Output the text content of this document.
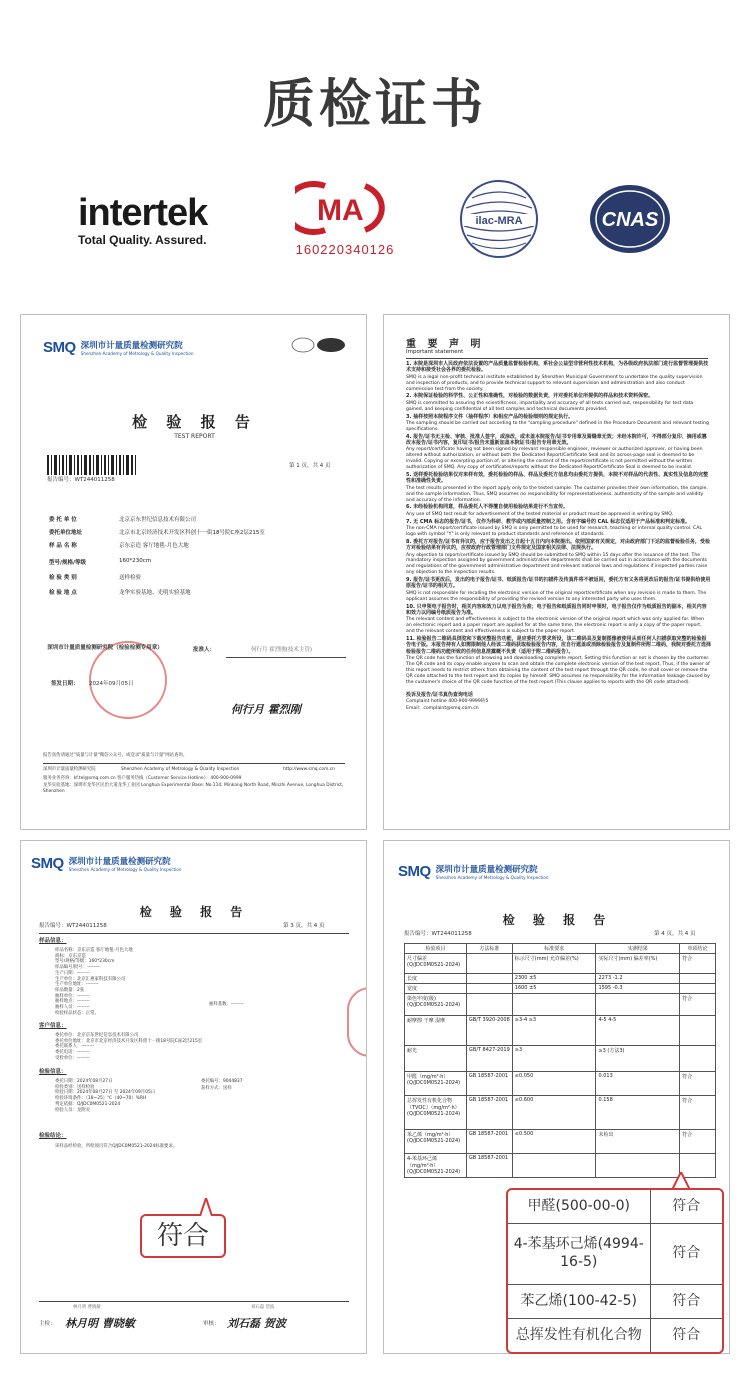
质检证书
intertek
Total Quality. Assured.
MA
160220340126
ilac-MRA	CNAS
SMQ 深圳市计量质量检测研究院
Shenzhen Academy of Metrology & Quality Inspection
检 验 报 告
TEST REPORT
报告编号：WT244011258
第 1 页，共 4 页
委 托 单 位	北京京东世纪信息技术有限公司
委托单位地址	北京市北京经济技术开发区科创十一街18号院C座2层215室
样 品 名 称	京东京造 客厅地毯-月色大地
型号/规格/等级	160*230cm
检 验 类 别	送样检验
检 验 地 点	龙华实验基地、光明实验基地
深圳市计量质量检测研究院（检验检测专用章）	批准人：	何行月 霍烈刚(技术主管)
签发日期： 2024年09月05日
何行月 霍烈刚
报告真伪请通过"质量与计量"微信公众号、或登录"质量与计量"网站查询。
深圳市计量质量检测研究院	Shenzhen Academy of Metrology & Quality Inspection	http://www.smq.com.cn
服务业务咨询：kf.tel@smq.com.cn 客户服务热线（Customer Service Hotline）：400-900-0999
龙华实验基地：深圳市龙华区民治大道龙华工业园 Longhua Experimental Base: No.114, Minkang North Road, Minzhi Avenue, Longhua District, Shenzhen
重 要 声 明
Important statement

1. 本院是深圳市人民政府依法设置的产品质量监督检验机构，系社会公益型非营利性技术机构，为各级政府执法部门进行监督管理提供技术支持和接受社会各界的委托检验。

SMQ is a legal non-profit technical institute established by Shenzhen Municipal Government to undertake the quality supervision and inspection of products, and to provide technical support to relevant supervision and administration and also conduct commission test from the society.

2. 本院保证检验的科学性、公正性和准确性，对检验的数据负责，并对委托单位所提供的样品和技术资料保密。

SMQ is committed to assuring the scientificness, impartiality and accuracy of all tests carried out, responsibility for test data gained, and keeping confidential of all test samples and technical documents provided.

3. 抽样按照本院程序文件（抽样程序）和相应产品的检验细则的规定执行。

The sampling should be carried out according to the "sampling procedure" defined in the Procedure Document and relevant testing specifications.

4. 报告/证书无主检、审核、批准人签字，或涂改，或未盖本院报告/证书专用章及骑缝章无效；未经本院许可，不得部分复印、摘用或篡改本报告/证书内容，复印证书/报告未重新加盖本院证书/报告专用章无效。

Any report/certificate having not been signed by relevant responsible engineer, reviewer or authorized approver, or having been altered without authorization, or without both the Dedicated Report/Certificate Seal and its across-page seal is deemed to be invalid. Copying or excerpting portion of, or altering the content of the report/certificate is not permitted without the written authorization of SMQ. Any copy of certificates/reports without the Dedicated Report/Certificate Seal is deemed to be invalid.

5. 送样委托检验结果仅对来样有效，委托检验的样品、样品及委托方信息均由委托方提供，本院不对样品的代表性、真实性及信息的完整性和准确性负责。

The test results presented in the report apply only to the tested sample. The customer provides their own information, the sample, and the sample information. Thus, SMQ assumes no responsibility for representativeness, authenticity of the sample and validity and accuracy of the information.

6. 未经检验机构同意，样品委托人不得擅自使用检验结果进行不当宣传。

Any use of SMQ test result for advertisement of the tested material or product must be approved in writing by SMQ.

7. 无 CMA 标志的报告/证书，仅作为科研、教学或内部质量控制之用。含有字编号的 CAL 标志仅适用于产品标准和判定标准。

The non-CMA report/certificate issued by SMQ is only permitted to be used for research, teaching or internal quality control. CAL logo with symbol "Y" is only relevant to product standards and reference of standards.

8. 委托方对报告/证书有异议的，应于报告发出之日起十五日内向本院提出。依照国家有关规定，对由政府部门下达的监督检验任务，受检方对检验结果有异议的，应按政府行政管理部门文件规定及国家相关法律、法规执行。

Any objection to report/certificate issued by SMQ should be submitted to SMQ within 15 days after the issuance of the test. The mandatory inspection assigned by government administrative departments shall be carried out in accordance with the documents and regulations of the government administrative department and relevant national laws and regulations if inspected parties raise any objection to the inspection results.

9. 报告/证书更改后，发出的电子报告/证书、纸质报告/证书的扫描件及传真件将不被返回，委托方有义务将更改后的报告/证书提供给使用原报告/证书的相关方。

SMQ is not responsible for recalling the electronic version of the original report/certificate when any revision is made to them. The applicant assumes the responsibility of providing the revised version to any interested party who uses them.

10. 只申领电子报告时，相关内容和效力以电子报告为准；电子报告和纸质报告同时申领时，电子报告仅作为纸质报告的副本，相关内容和效力以同编号纸质报告为准。

The relevant content and effectiveness is subject to the electronic version of the original report which was only applied for. When an electronic report and a paper report are applied for at the same time, the electronic report is only a copy of the paper report, and the relevant content and effectiveness is subject to the paper report.

11. 检验报告二维码具浏览和下载完整报告功能，是应委托方要求所设，该二维码具及复制图像被使用从而任何人扫描获取完整的检验报告电子版。本报告持有人如需限制他人经该二维码获取检验报告内容，应自行遮盖或消除检验报告及复制件所附二维码，我院对委托方选择检验报告二维码功能所致的任何信息泄露概不负责（适用于附二维码报告）。

The QR code has the function of browsing and downloading complete report. Setting this function or not is chosen by the customer. The QR code and its copy enable anyone to scan and obtain the complete electronic version of the test report. Thus, if the owner of this report needs to restrict others from obtaining the content of the test report through the QR code, he shall cover or remove the QR code attached to the test report and its copies by himself. SMQ assumes no responsibility for the information leakage caused by the customer's choice of the QR code function of the test report (This clause applies to reports with the QR code attached).

投诉及报告/证书真伪查询电话

Complaint hotline 400-900-9999转5

Email：complaint@smq.com.cn

SMQ 深圳市计量质量检测研究院
Shenzhen Academy of Metrology & Quality Inspection
检 验 报 告
报告编号：WT244011258	第 3 页，共 4 页
样品信息：
样品名称：京东京造 客厅地毯-月色大地
商标：京东京造
型号/规格/等级：160*230cm
样品编号/批号：--------
生产日期：--------
生产单位：北京汇惠家科技有限公司
生产单位地址：--------
样品数量：2张
抽样单位：--------
抽样地点：--------
抽样人员：--------
检验样品状态：正常。
抽样基数：--------
客户信息：
委托单位：北京京东世纪信息技术有限公司
委托单位地址：北京市北京经济技术开发区科创十一街18号院C座2层215室
委托联系人：--------
委托电话：--------
受检单位：--------
检验信息：
委托日期：2024年08月27日
检验类别：送样检验
检验日期：2024年08月27日 至 2024年09月05日
检验环境条件：（18~25）℃（40~70）%RH
判定依据：Q/JDC0M0521-2024
检验人员：龙附炎
委托编号：9044837
获样方式：送样
检验结论：
该样品经检验，所检项目符合Q/JDC0M0521-2024标准要求。
林月明 曹晓敏	刘石磊 贺波
主检： 林月明 曹晓敏	审核： 刘石磊 贺波
SMQ 深圳市计量质量检测研究院
Shenzhen Academy of Metrology & Quality Inspection
检 验 报 告
报告编号：WT244011258	第 4 页，共 4 页
检验项目	方法标准	标准要求	实测结果	单项结论
尺寸偏差 (Q/JDC0M0521-2024)		标示尺寸(mm) 允许偏差(%)	实际尺寸(mm) 偏差率(%)	符合
长度		2300 ±5	2273 -1.2	
宽度		1600 ±5	1595 -0.3	
染色牢度(级) (Q/JDC0M0521-2024)				符合
耐摩擦 干摩 湿摩	GB/T 3920-2008	≥3-4 ≥3	4-5 4-5	
耐光	GB/T 8427-2019	≥3	≥3 (方法3)	
甲醛（mg/m²·h） (Q/JDC0M0521-2024)	GB 18587-2001	≤0.050	0.013	符合
总挥发性有机化合物（TVOC）（mg/m²·h） (Q/JDC0M0521-2024)	GB 18587-2001	≤0.600	0.158	符合
苯乙烯（mg/m²·h） (Q/JDC0M0521-2024)	GB 18587-2001	≤0.500	未检出	符合
4-苯基环己烯（mg/m²·h） (Q/JDC0M0521-2024)	GB 18587-2001			
符合
甲醛(500-00-0)	符合
4-苯基环己烯(4994-16-5)	符合
苯乙烯(100-42-5)	符合
总挥发性有机化合物	符合
